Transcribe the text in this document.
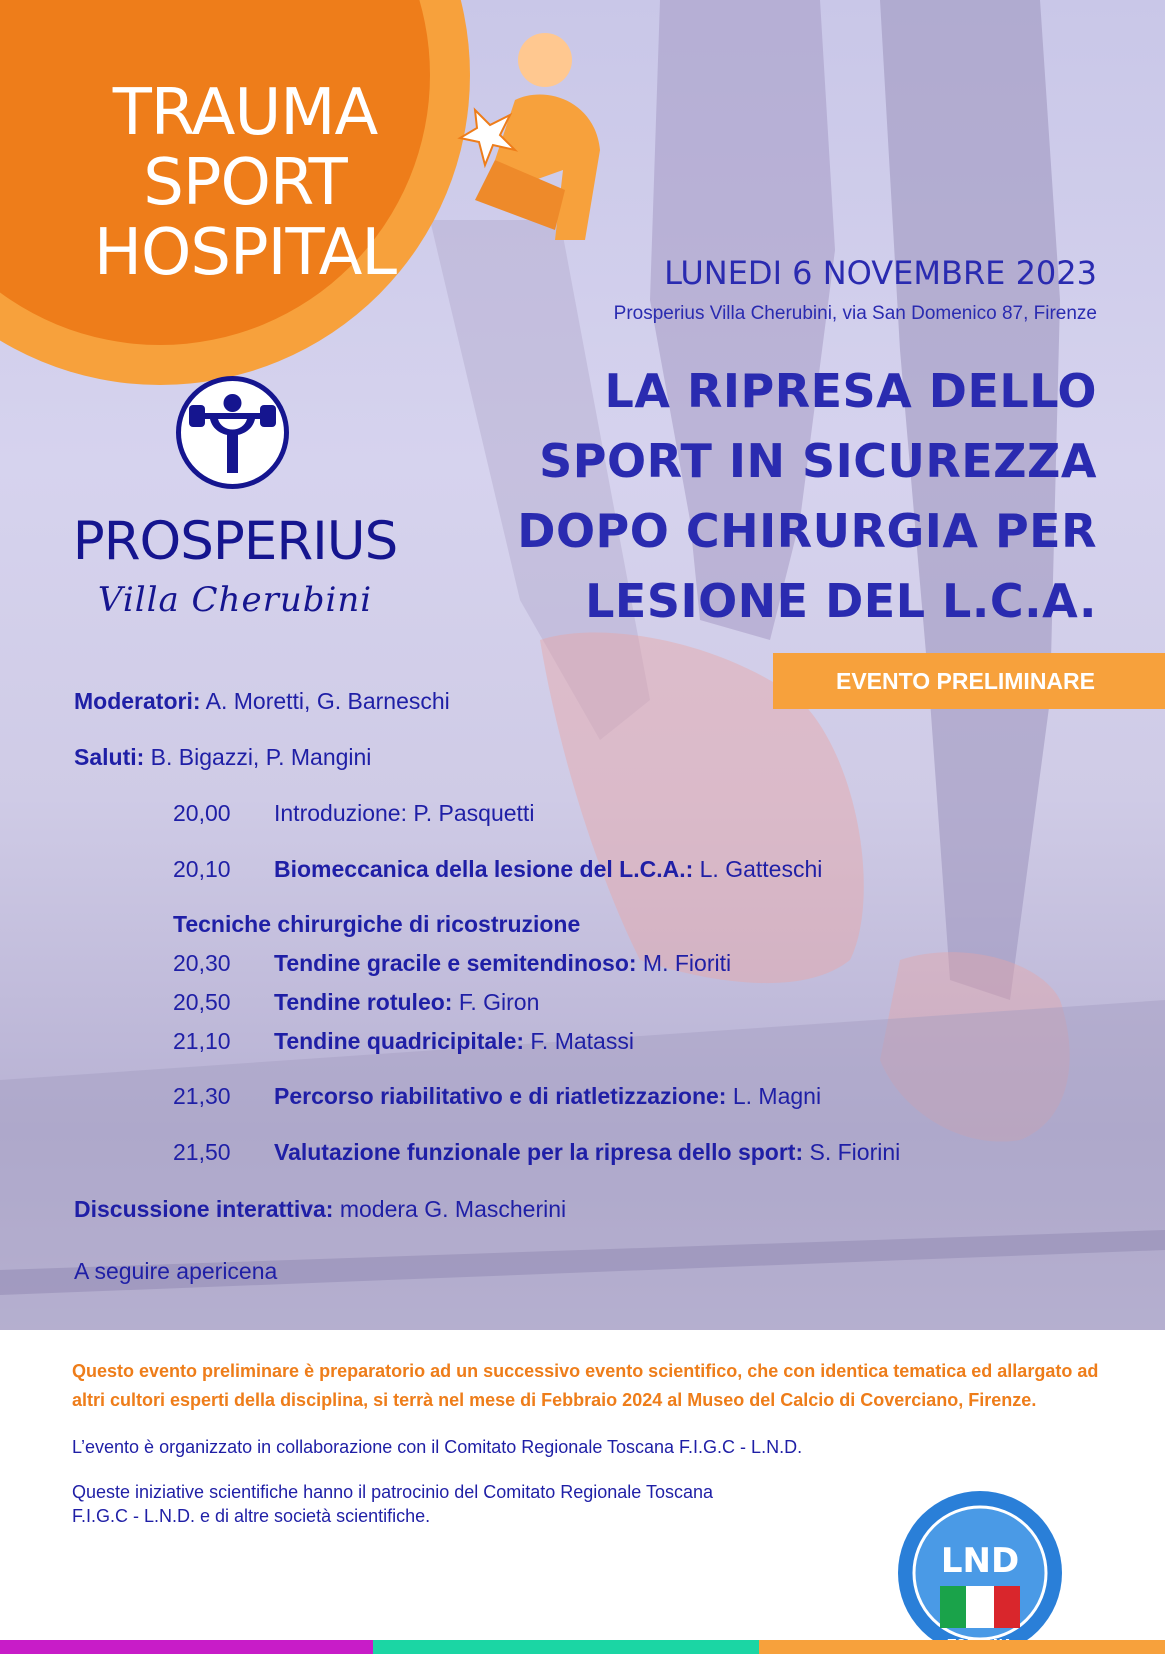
TRAUMA
SPORT
HOSPITAL
PROSPERIUS
Villa Cherubini
LUNEDI 6 NOVEMBRE 2023
Prosperius Villa Cherubini, via San Domenico 87, Firenze
LA RIPRESA DELLO
SPORT IN SICUREZZA
DOPO CHIRURGIA PER
LESIONE DEL L.C.A.
EVENTO PRELIMINARE
Moderatori: A. Moretti, G. Barneschi
Saluti: B. Bigazzi, P. Mangini
20,00	Introduzione: P. Pasquetti
20,10	Biomeccanica della lesione del L.C.A.: L. Gatteschi
Tecniche chirurgiche di ricostruzione
20,30	Tendine gracile e semitendinoso: M. Fioriti
20,50	Tendine rotuleo: F. Giron
21,10	Tendine quadricipitale: F. Matassi
21,30	Percorso riabilitativo e di riatletizzazione: L. Magni
21,50	Valutazione funzionale per la ripresa dello sport: S. Fiorini
Discussione interattiva: modera G. Mascherini
A seguire apericena
Questo evento preliminare è preparatorio ad un successivo evento scientifico, che con identica tematica ed allargato ad altri cultori esperti della disciplina, si terrà nel mese di Febbraio 2024 al Museo del Calcio di Coverciano, Firenze.
L’evento è organizzato in collaborazione con il Comitato Regionale Toscana F.I.G.C - L.N.D.
Queste iniziative scientifiche hanno il patrocinio del Comitato Regionale Toscana F.I.G.C - L.N.D. e di altre società scientifiche.
LND
